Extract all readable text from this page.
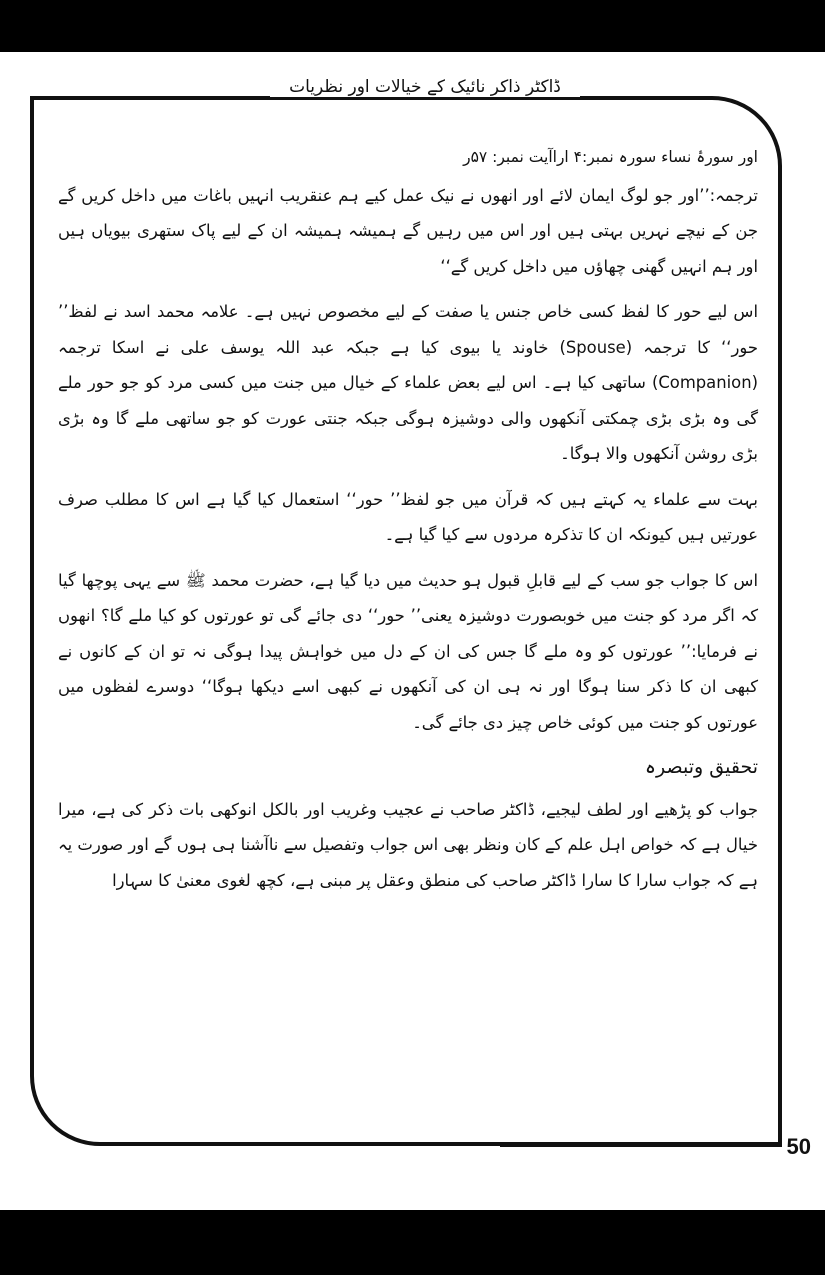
ڈاکٹر ذاکر نائیک کے خیالات اور نظریات

اور سورۂ نساء سورہ نمبر:۴ اراآیت نمبر: ۵۷ر

ترجمہ:’’اور جو لوگ ایمان لائے اور انھوں نے نیک عمل کیے ہم عنقریب انہیں باغات میں داخل کریں گے جن کے نیچے نہریں بہتی ہیں اور اس میں رہیں گے ہمیشہ ہمیشہ ان کے لیے پاک ستھری بیویاں ہیں اور ہم انہیں گھنی چھاؤں میں داخل کریں گے‘‘

اس لیے حور کا لفظ کسی خاص جنس یا صفت کے لیے مخصوص نہیں ہے۔ علامہ محمد اسد نے لفظ’’ حور‘‘ کا ترجمہ (Spouse) خاوند یا بیوی کیا ہے جبکہ عبد اللہ یوسف علی نے اسکا ترجمہ (Companion) ساتھی کیا ہے۔ اس لیے بعض علماء کے خیال میں جنت میں کسی مرد کو جو حور ملے گی وہ بڑی بڑی چمکتی آنکھوں والی دوشیزہ ہوگی جبکہ جنتی عورت کو جو ساتھی ملے گا وہ بڑی بڑی روشن آنکھوں والا ہوگا۔

بہت سے علماء یہ کہتے ہیں کہ قرآن میں جو لفظ’’ حور‘‘ استعمال کیا گیا ہے اس کا مطلب صرف عورتیں ہیں کیونکہ ان کا تذکرہ مردوں سے کیا گیا ہے۔

اس کا جواب جو سب کے لیے قابلِ قبول ہو حدیث میں دیا گیا ہے، حضرت محمد ﷺ سے یہی پوچھا گیا کہ اگر مرد کو جنت میں خوبصورت دوشیزہ یعنی’’ حور‘‘ دی جائے گی تو عورتوں کو کیا ملے گا؟ انھوں نے فرمایا:’’ عورتوں کو وہ ملے گا جس کی ان کے دل میں خواہش پیدا ہوگی نہ تو ان کے کانوں نے کبھی ان کا ذکر سنا ہوگا اور نہ ہی ان کی آنکھوں نے کبھی اسے دیکھا ہوگا‘‘ دوسرے لفظوں میں عورتوں کو جنت میں کوئی خاص چیز دی جائے گی۔

تحقیق وتبصرہ

جواب کو پڑھیے اور لطف لیجیے، ڈاکٹر صاحب نے عجیب وغریب اور بالکل انوکھی بات ذکر کی ہے، میرا خیال ہے کہ خواص اہل علم کے کان ونظر بھی اس جواب وتفصیل سے ناآشنا ہی ہوں گے اور صورت یہ ہے کہ جواب سارا کا سارا ڈاکٹر صاحب کی منطق وعقل پر مبنی ہے، کچھ لغوی معنیٰ کا سہارا

50
